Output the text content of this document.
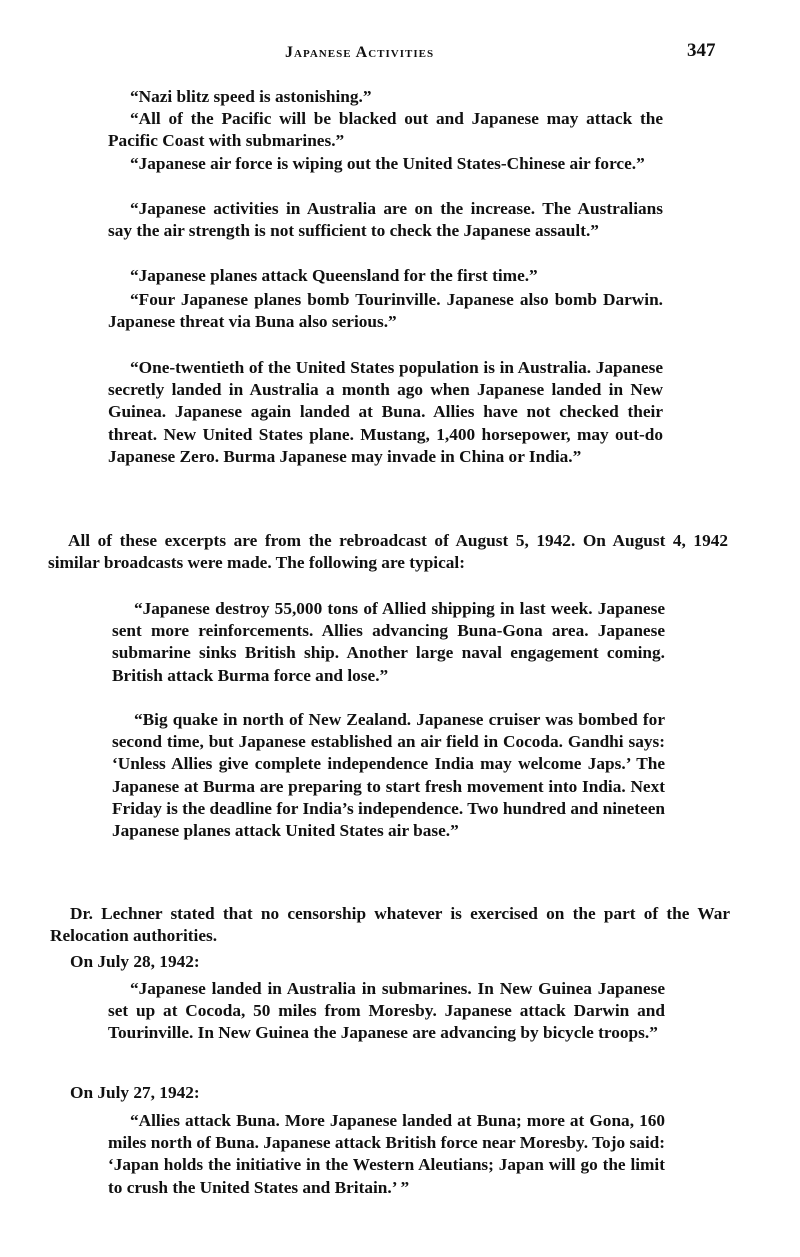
Japanese Activities	347

“Nazi blitz speed is astonishing.”

“All of the Pacific will be blacked out and Japanese may attack the Pacific Coast with submarines.”

“Japanese air force is wiping out the United States-Chinese air force.”

“Japanese activities in Australia are on the increase. The Australians say the air strength is not sufficient to check the Japanese assault.”

“Japanese planes attack Queensland for the first time.”

“Four Japanese planes bomb Tourinville. Japanese also bomb Darwin. Japanese threat via Buna also serious.”

“One-twentieth of the United States population is in Australia. Japanese secretly landed in Australia a month ago when Japanese landed in New Guinea. Japanese again landed at Buna. Allies have not checked their threat. New United States plane. Mustang, 1,400 horsepower, may out-do Japanese Zero. Burma Japanese may invade in China or India.”

All of these excerpts are from the rebroadcast of August 5, 1942. On August 4, 1942 similar broadcasts were made. The following are typical:

“Japanese destroy 55,000 tons of Allied shipping in last week. Japanese sent more reinforcements. Allies advancing Buna-Gona area. Japanese submarine sinks British ship. Another large naval engagement coming. British attack Burma force and lose.”

“Big quake in north of New Zealand. Japanese cruiser was bombed for second time, but Japanese established an air field in Cocoda. Gandhi says: ‘Unless Allies give complete independence India may welcome Japs.’ The Japanese at Burma are preparing to start fresh movement into India. Next Friday is the deadline for India’s independence. Two hundred and nineteen Japanese planes attack United States air base.”

Dr. Lechner stated that no censorship whatever is exercised on the part of the War Relocation authorities.

On July 28, 1942:

“Japanese landed in Australia in submarines. In New Guinea Japanese set up at Cocoda, 50 miles from Moresby. Japanese attack Darwin and Tourinville. In New Guinea the Japanese are advancing by bicycle troops.”

On July 27, 1942:

“Allies attack Buna. More Japanese landed at Buna; more at Gona, 160 miles north of Buna. Japanese attack British force near Moresby. Tojo said: ‘Japan holds the initiative in the Western Aleutians; Japan will go the limit to crush the United States and Britain.’ ”
